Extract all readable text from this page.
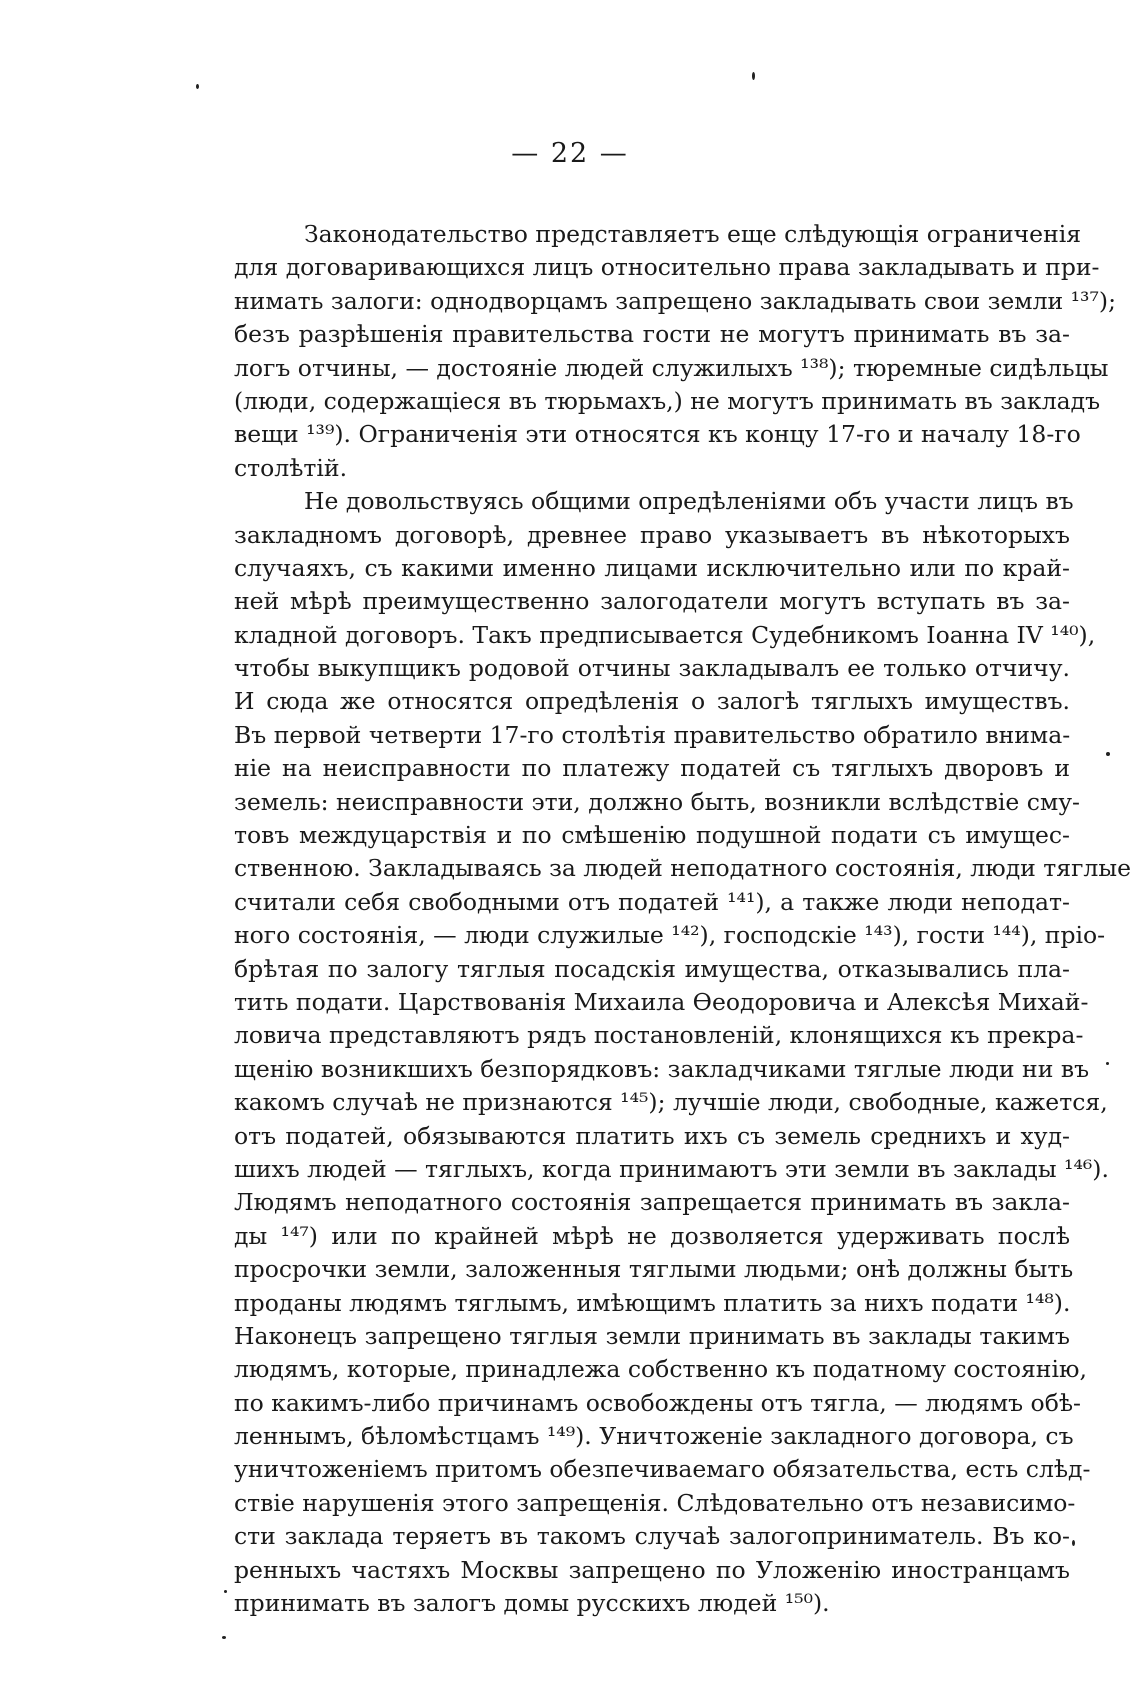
— 22 —
Законодательство представляетъ еще слѣдующія ограниченія
для договаривающихся лицъ относительно права закладывать и при-
нимать залоги: однодворцамъ запрещено закладывать свои земли ¹³⁷);
безъ разрѣшенія правительства гости не могутъ принимать въ за-
логъ отчины, — достояніе людей служилыхъ ¹³⁸); тюремные сидѣльцы
(люди, содержащіеся въ тюрьмахъ,) не могутъ принимать въ закладъ
вещи ¹³⁹). Ограниченія эти относятся къ концу 17-го и началу 18-го
столѣтій.
Не довольствуясь общими опредѣленіями объ участи лицъ въ
закладномъ договорѣ, древнее право указываетъ въ нѣкоторыхъ
случаяхъ, съ какими именно лицами исключительно или по край-
ней мѣрѣ преимущественно залогодатели могутъ вступать въ за-
кладной договоръ. Такъ предписывается Судебникомъ Іоанна IV ¹⁴⁰),
чтобы выкупщикъ родовой отчины закладывалъ ее только отчичу.
И сюда же относятся опредѣленія о залогѣ тяглыхъ имуществъ.
Въ первой четверти 17-го столѣтія правительство обратило внима-
ніе на неисправности по платежу податей съ тяглыхъ дворовъ и
земель: неисправности эти, должно быть, возникли вслѣдствіе сму-
товъ междуцарствія и по смѣшенію подушной подати съ имущес-
ственною. Закладываясь за людей неподатного состоянія, люди тяглые
считали себя свободными отъ податей ¹⁴¹), а также люди неподат-
ного состоянія, — люди служилые ¹⁴²), господскіе ¹⁴³), гости ¹⁴⁴), прio-
брѣтая по залогу тяглыя посадскія имущества, отказывались пла-
тить подати. Царствованія Михаила Ѳеодоровича и Алексѣя Михай-
ловича представляютъ рядъ постановленій, клонящихся къ прекра-
щенію возникшихъ безпорядковъ: закладчиками тяглые люди ни въ
какомъ случаѣ не признаются ¹⁴⁵); лучшіе люди, свободные, кажется,
отъ податей, обязываются платить ихъ съ земель среднихъ и худ-
шихъ людей — тяглыхъ, когда принимаютъ эти земли въ заклады ¹⁴⁶).
Людямъ неподатного состоянія запрещается принимать въ закла-
ды ¹⁴⁷) или по крайней мѣрѣ не дозволяется удерживать послѣ
просрочки земли, заложенныя тяглыми людьми; онѣ должны быть
проданы людямъ тяглымъ, имѣющимъ платить за нихъ подати ¹⁴⁸).
Наконецъ запрещено тяглыя земли принимать въ заклады такимъ
людямъ, которые, принадлежа собственно къ податному состоянію,
по какимъ-либо причинамъ освобождены отъ тягла, — людямъ обѣ-
леннымъ, бѣломѣстцамъ ¹⁴⁹). Уничтоженіе закладного договора, съ
уничтоженіемъ притомъ обезпечиваемаго обязательства, есть слѣд-
ствіе нарушенія этого запрещенія. Слѣдовательно отъ независимо-
сти заклада теряетъ въ такомъ случаѣ залогоприниматель. Въ ко-
ренныхъ частяхъ Москвы запрещено по Уложенію иностранцамъ
принимать въ залогъ домы русскихъ людей ¹⁵⁰).
